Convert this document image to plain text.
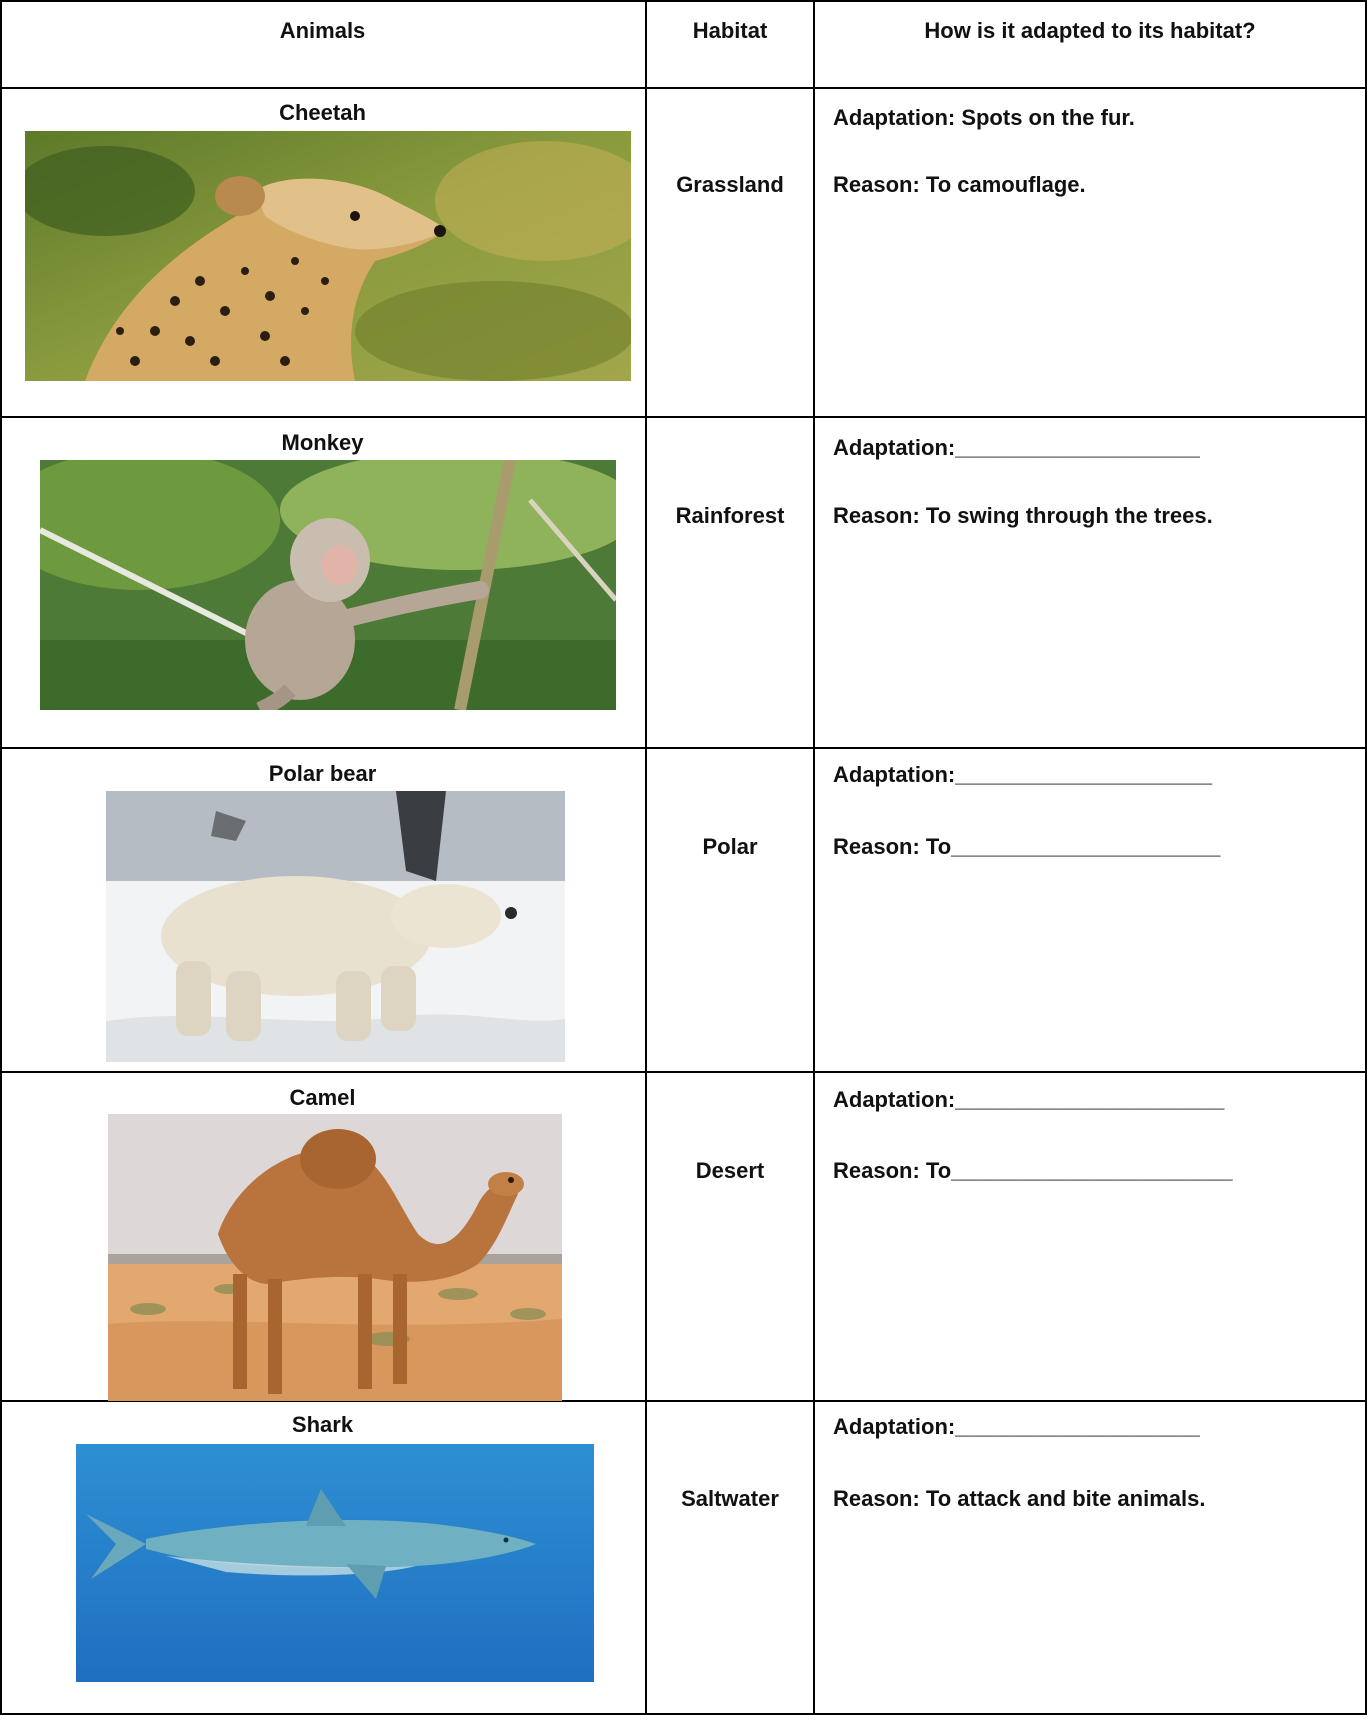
Animals	Habitat	How is it adapted to its habitat?
Cheetah
Grassland
Adaptation: Spots on the fur.
Reason: To camouflage.
Monkey
Rainforest
Adaptation:____________________
Reason: To swing through the trees.
Polar bear
Polar
Adaptation:_____________________
Reason: To______________________
Camel
Desert
Adaptation:______________________
Reason: To_______________________
Shark
Saltwater
Adaptation:____________________
Reason: To attack and bite animals.
